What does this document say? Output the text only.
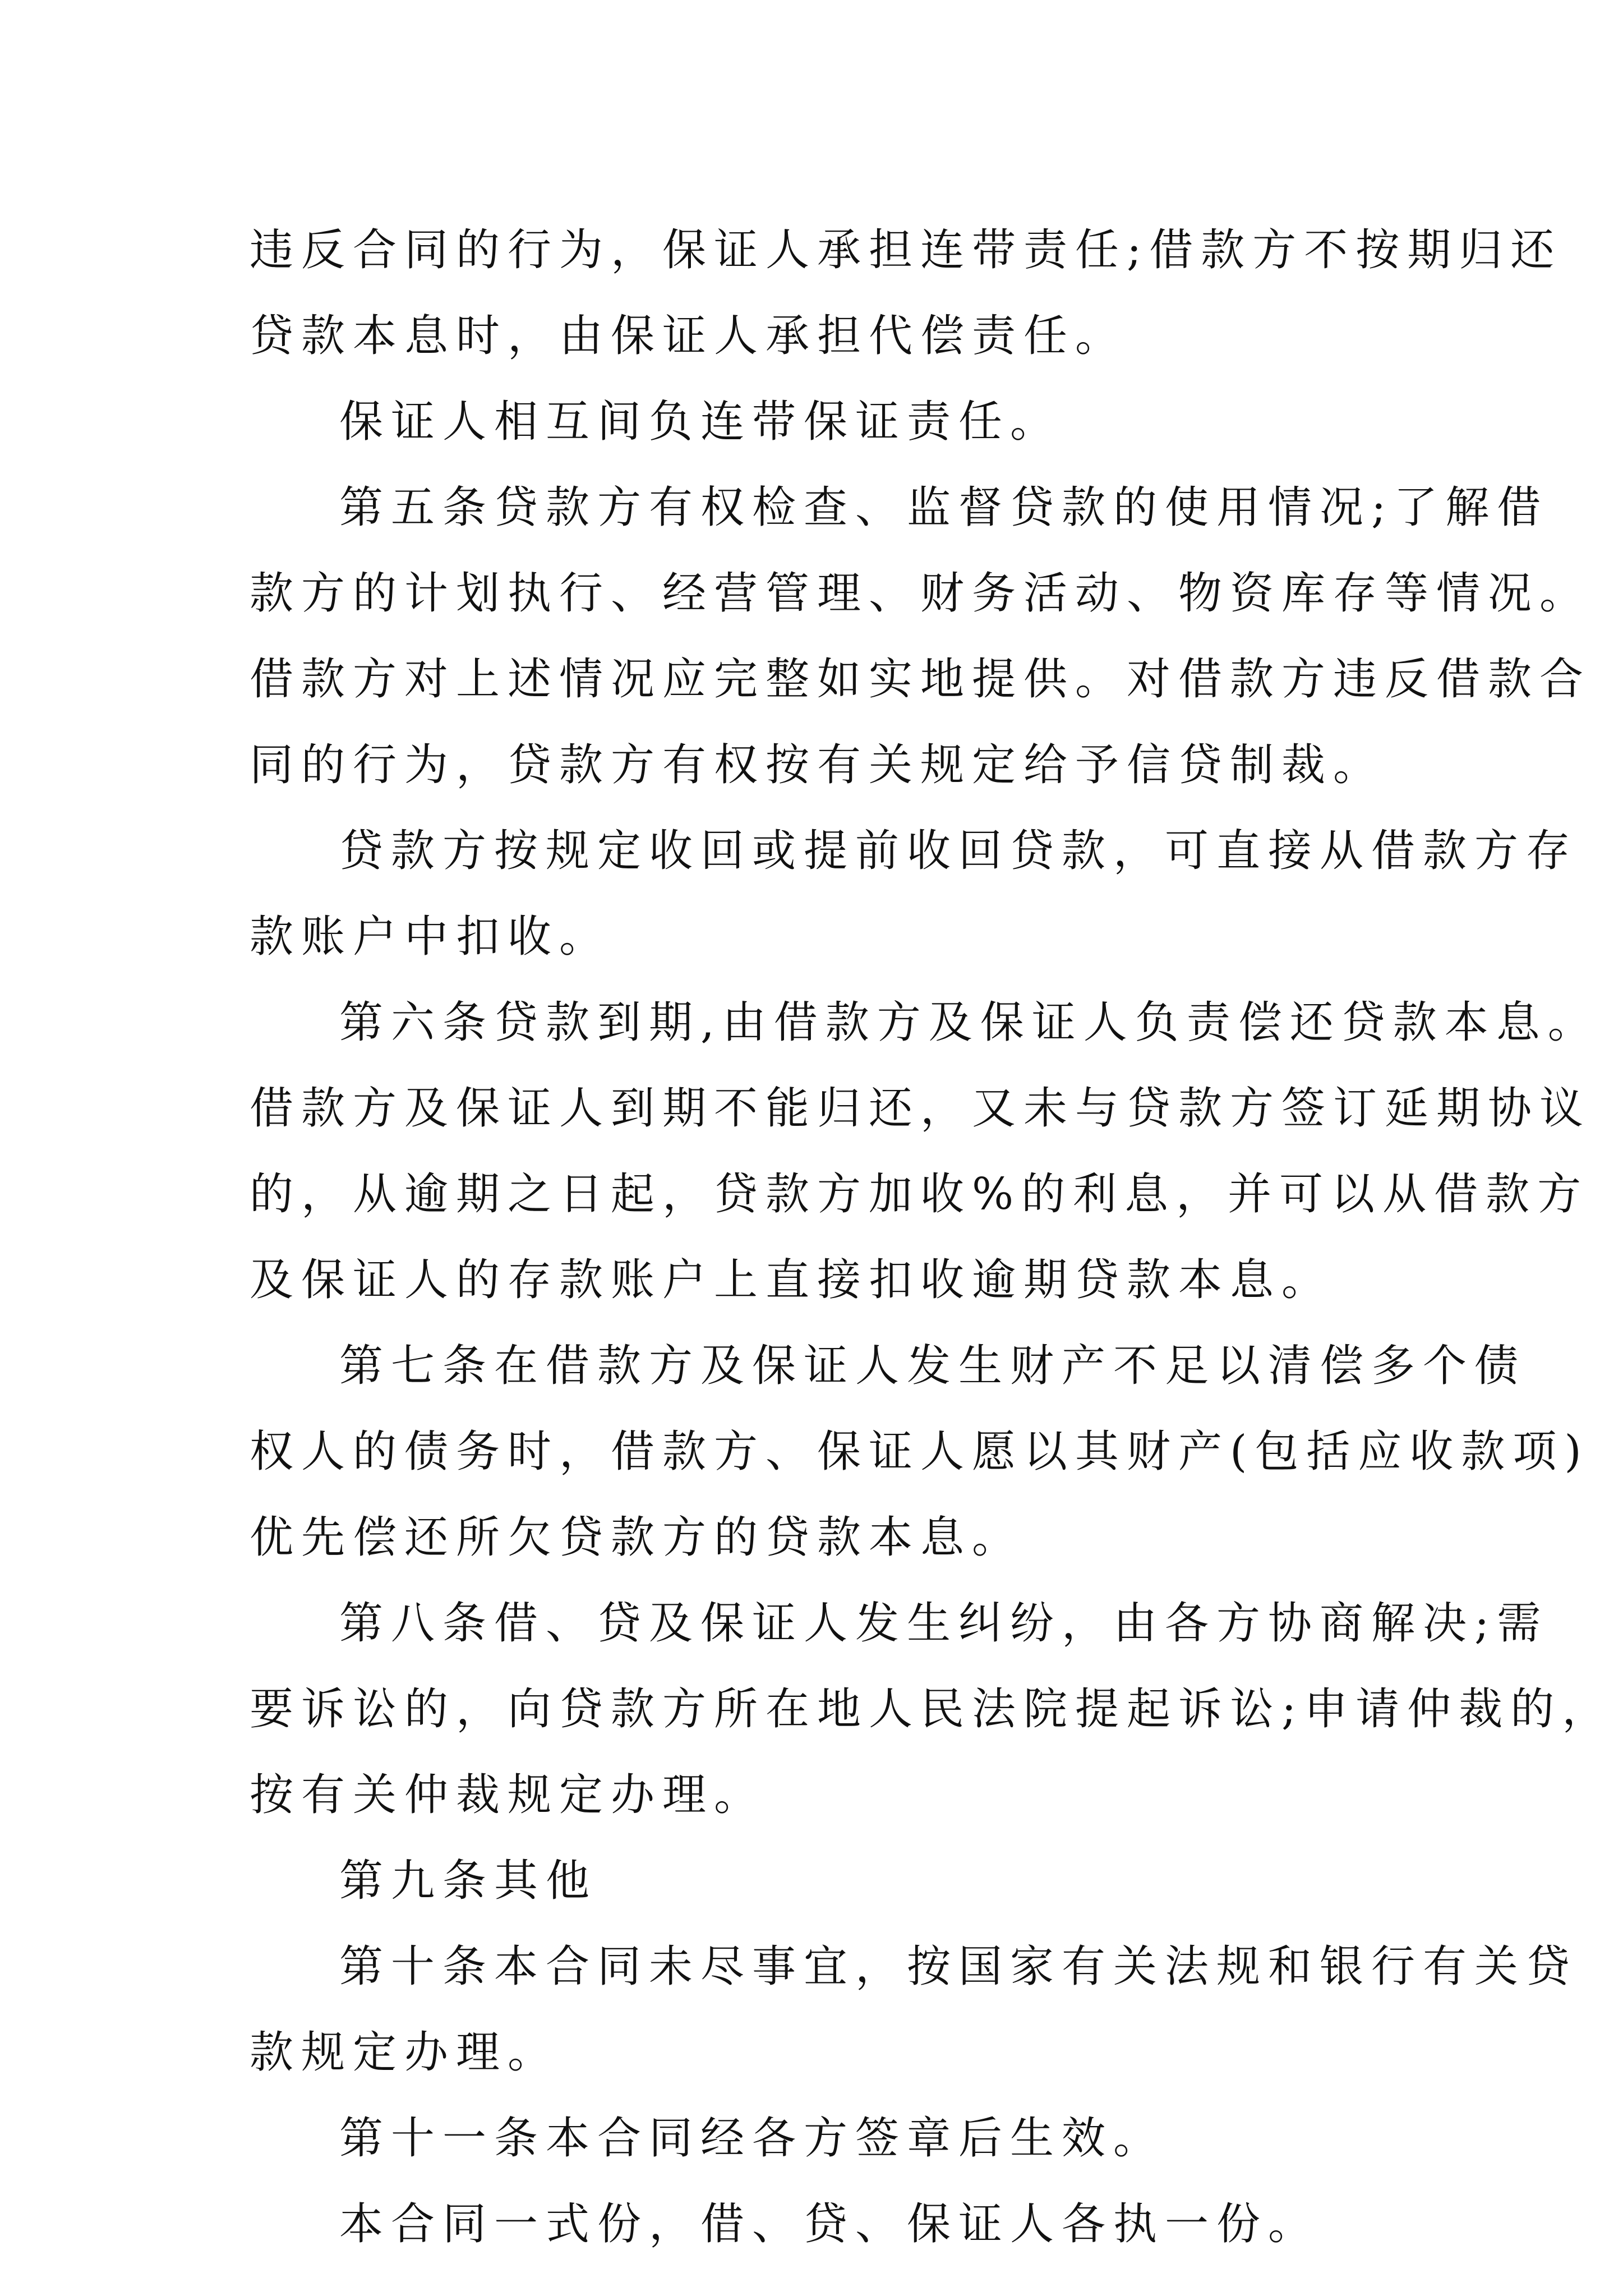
违反合同的行为，保证人承担连带责任;借款方不按期归还
贷款本息时，由保证人承担代偿责任。
保证人相互间负连带保证责任。
第五条贷款方有权检查、监督贷款的使用情况;了解借
款方的计划执行、经营管理、财务活动、物资库存等情况。
借款方对上述情况应完整如实地提供。对借款方违反借款合
同的行为，贷款方有权按有关规定给予信贷制裁。
贷款方按规定收回或提前收回贷款，可直接从借款方存
款账户中扣收。
第六条贷款到期,由借款方及保证人负责偿还贷款本息。
借款方及保证人到期不能归还，又未与贷款方签订延期协议
的，从逾期之日起，贷款方加收%的利息，并可以从借款方
及保证人的存款账户上直接扣收逾期贷款本息。
第七条在借款方及保证人发生财产不足以清偿多个债
权人的债务时，借款方、保证人愿以其财产(包括应收款项)
优先偿还所欠贷款方的贷款本息。
第八条借、贷及保证人发生纠纷，由各方协商解决;需
要诉讼的，向贷款方所在地人民法院提起诉讼;申请仲裁的，
按有关仲裁规定办理。
第九条其他
第十条本合同未尽事宜，按国家有关法规和银行有关贷
款规定办理。
第十一条本合同经各方签章后生效。
本合同一式份，借、贷、保证人各执一份。
